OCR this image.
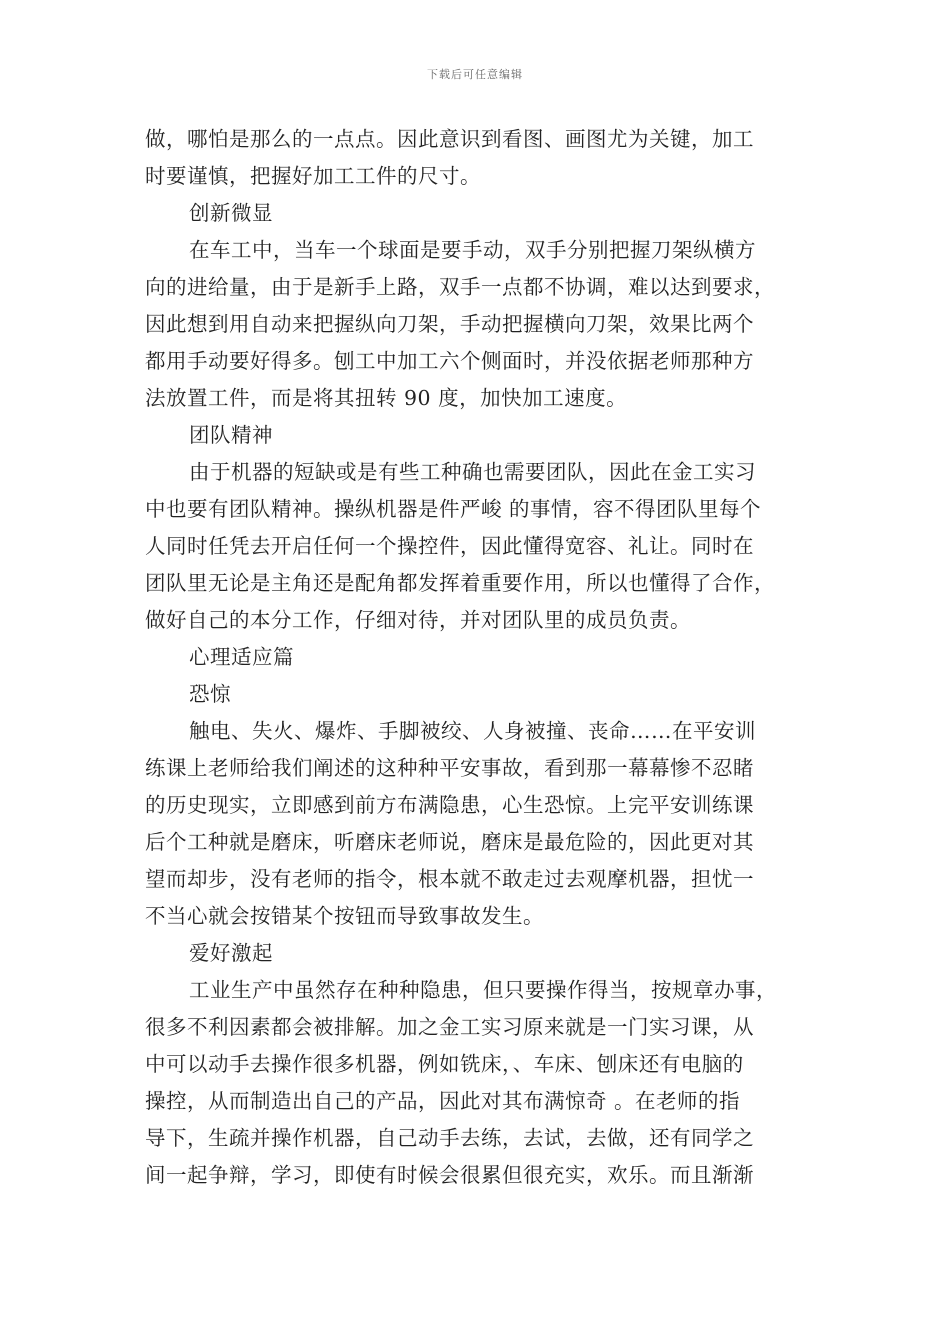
下载后可任意编辑
做，哪怕是那么的一点点。因此意识到看图、画图尤为关键，加工
时要谨慎，把握好加工工件的尺寸。
创新微显
在车工中，当车一个球面是要手动，双手分别把握刀架纵横方
向的进给量，由于是新手上路，双手一点都不协调，难以达到要求，
因此想到用自动来把握纵向刀架，手动把握横向刀架，效果比两个
都用手动要好得多。刨工中加工六个侧面时，并没依据老师那种方
法放置工件，而是将其扭转 90 度，加快加工速度。
团队精神
由于机器的短缺或是有些工种确也需要团队，因此在金工实习
中也要有团队精神。操纵机器是件严峻 的事情，容不得团队里每个
人同时任凭去开启任何一个操控件，因此懂得宽容、礼让。同时在
团队里无论是主角还是配角都发挥着重要作用，所以也懂得了合作，
做好自己的本分工作，仔细对待，并对团队里的成员负责。
心理适应篇
恐惊
触电、失火、爆炸、手脚被绞、人身被撞、丧命……在平安训
练课上老师给我们阐述的这种种平安事故，看到那一幕幕惨不忍睹
的历史现实，立即感到前方布满隐患，心生恐惊。上完平安训练课
后个工种就是磨床，听磨床老师说，磨床是最危险的，因此更对其
望而却步，没有老师的指令，根本就不敢走过去观摩机器，担忧一
不当心就会按错某个按钮而导致事故发生。
爱好激起
工业生产中虽然存在种种隐患，但只要操作得当，按规章办事，
很多不利因素都会被排解。加之金工实习原来就是一门实习课，从
中可以动手去操作很多机器，例如铣床，、车床、刨床还有电脑的
操控，从而制造出自己的产品，因此对其布满惊奇 。在老师的指
导下，生疏并操作机器，自己动手去练，去试，去做，还有同学之
间一起争辩，学习，即使有时候会很累但很充实，欢乐。而且渐渐
